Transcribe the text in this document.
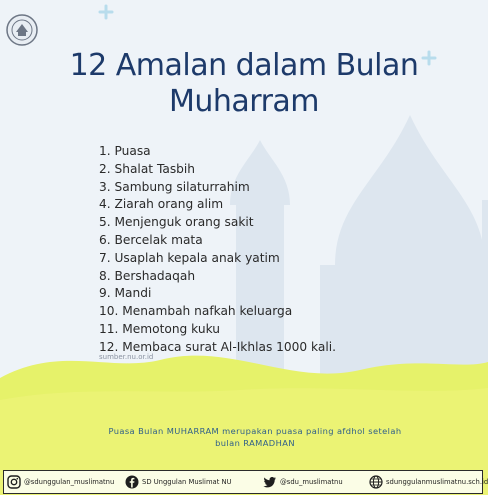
12 Amalan dalam Bulan
Muharram
1. Puasa
2. Shalat Tasbih
3. Sambung silaturrahim
4. Ziarah orang alim
5. Menjenguk orang sakit
6. Bercelak mata
7. Usaplah kepala anak yatim
8. Bershadaqah
9. Mandi
10. Menambah nafkah keluarga
11. Memotong kuku
12. Membaca surat Al-Ikhlas 1000 kali.
sumber.nu.or.id
Puasa Bulan MUHARRAM merupakan puasa paling afdhol setelah
bulan RAMADHAN
@sdunggulan_muslimatnu	SD Unggulan Muslimat NU	@sdu_muslimatnu	sdunggulanmuslimatnu.sch.id
